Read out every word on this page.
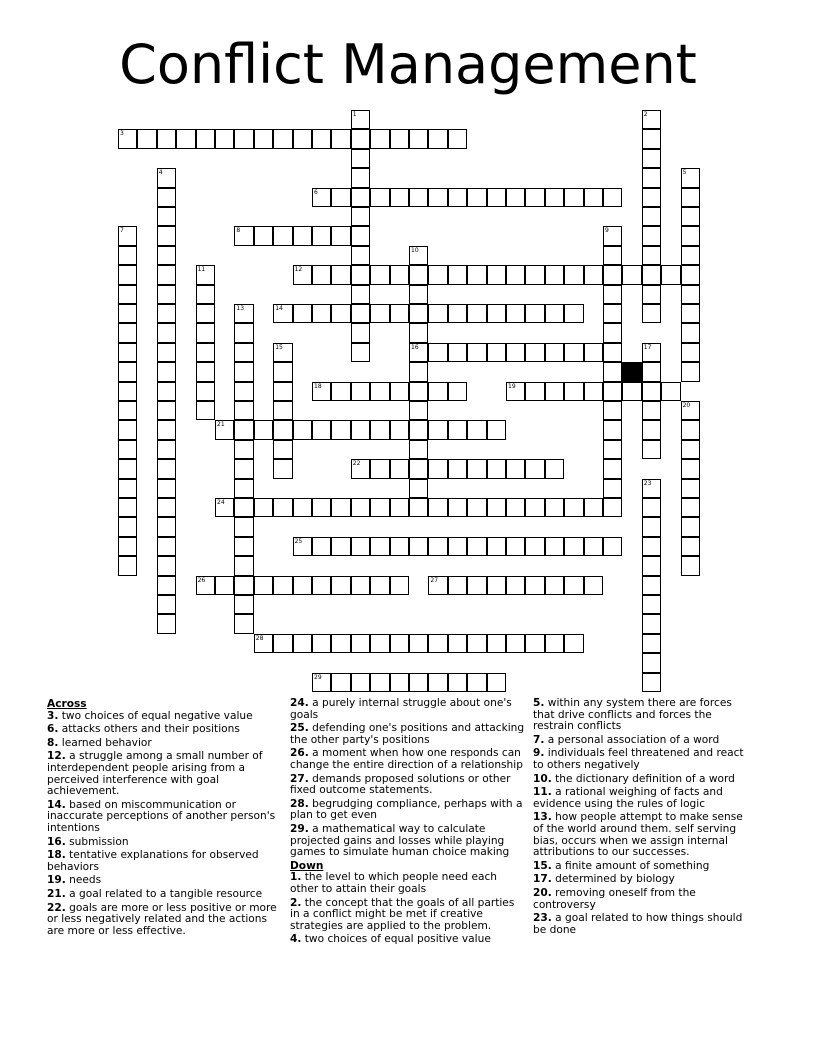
Conflict Management
1	2
3
4	5
6
7	8	9
10
16
11	12
13	14
15	17
18	19
20
21
22
23
24
25
26	27
28
29
Across
3. two choices of equal negative value
6. attacks others and their positions
8. learned behavior
12. a struggle among a small number of interdependent people arising from a perceived interference with goal achievement.
14. based on miscommunication or inaccurate perceptions of another person's intentions
16. submission
18. tentative explanations for observed behaviors
19. needs
21. a goal related to a tangible resource
22. goals are more or less positive or more or less negatively related and the actions are more or less effective.
24. a purely internal struggle about one's goals
25. defending one's positions and attacking the other party's positions
26. a moment when how one responds can change the entire direction of a relationship
27. demands proposed solutions or other fixed outcome statements.
28. begrudging compliance, perhaps with a plan to get even
29. a mathematical way to calculate projected gains and losses while playing games to simulate human choice making
Down
1. the level to which people need each other to attain their goals
2. the concept that the goals of all parties in a conflict might be met if creative strategies are applied to the problem.
4. two choices of equal positive value
5. within any system there are forces that drive conflicts and forces the restrain conflicts
7. a personal association of a word
9. individuals feel threatened and react to others negatively
10. the dictionary definition of a word
11. a rational weighing of facts and evidence using the rules of logic
13. how people attempt to make sense of the world around them. self serving bias, occurs when we assign internal attributions to our successes.
15. a finite amount of something
17. determined by biology
20. removing oneself from the controversy
23. a goal related to how things should be done
